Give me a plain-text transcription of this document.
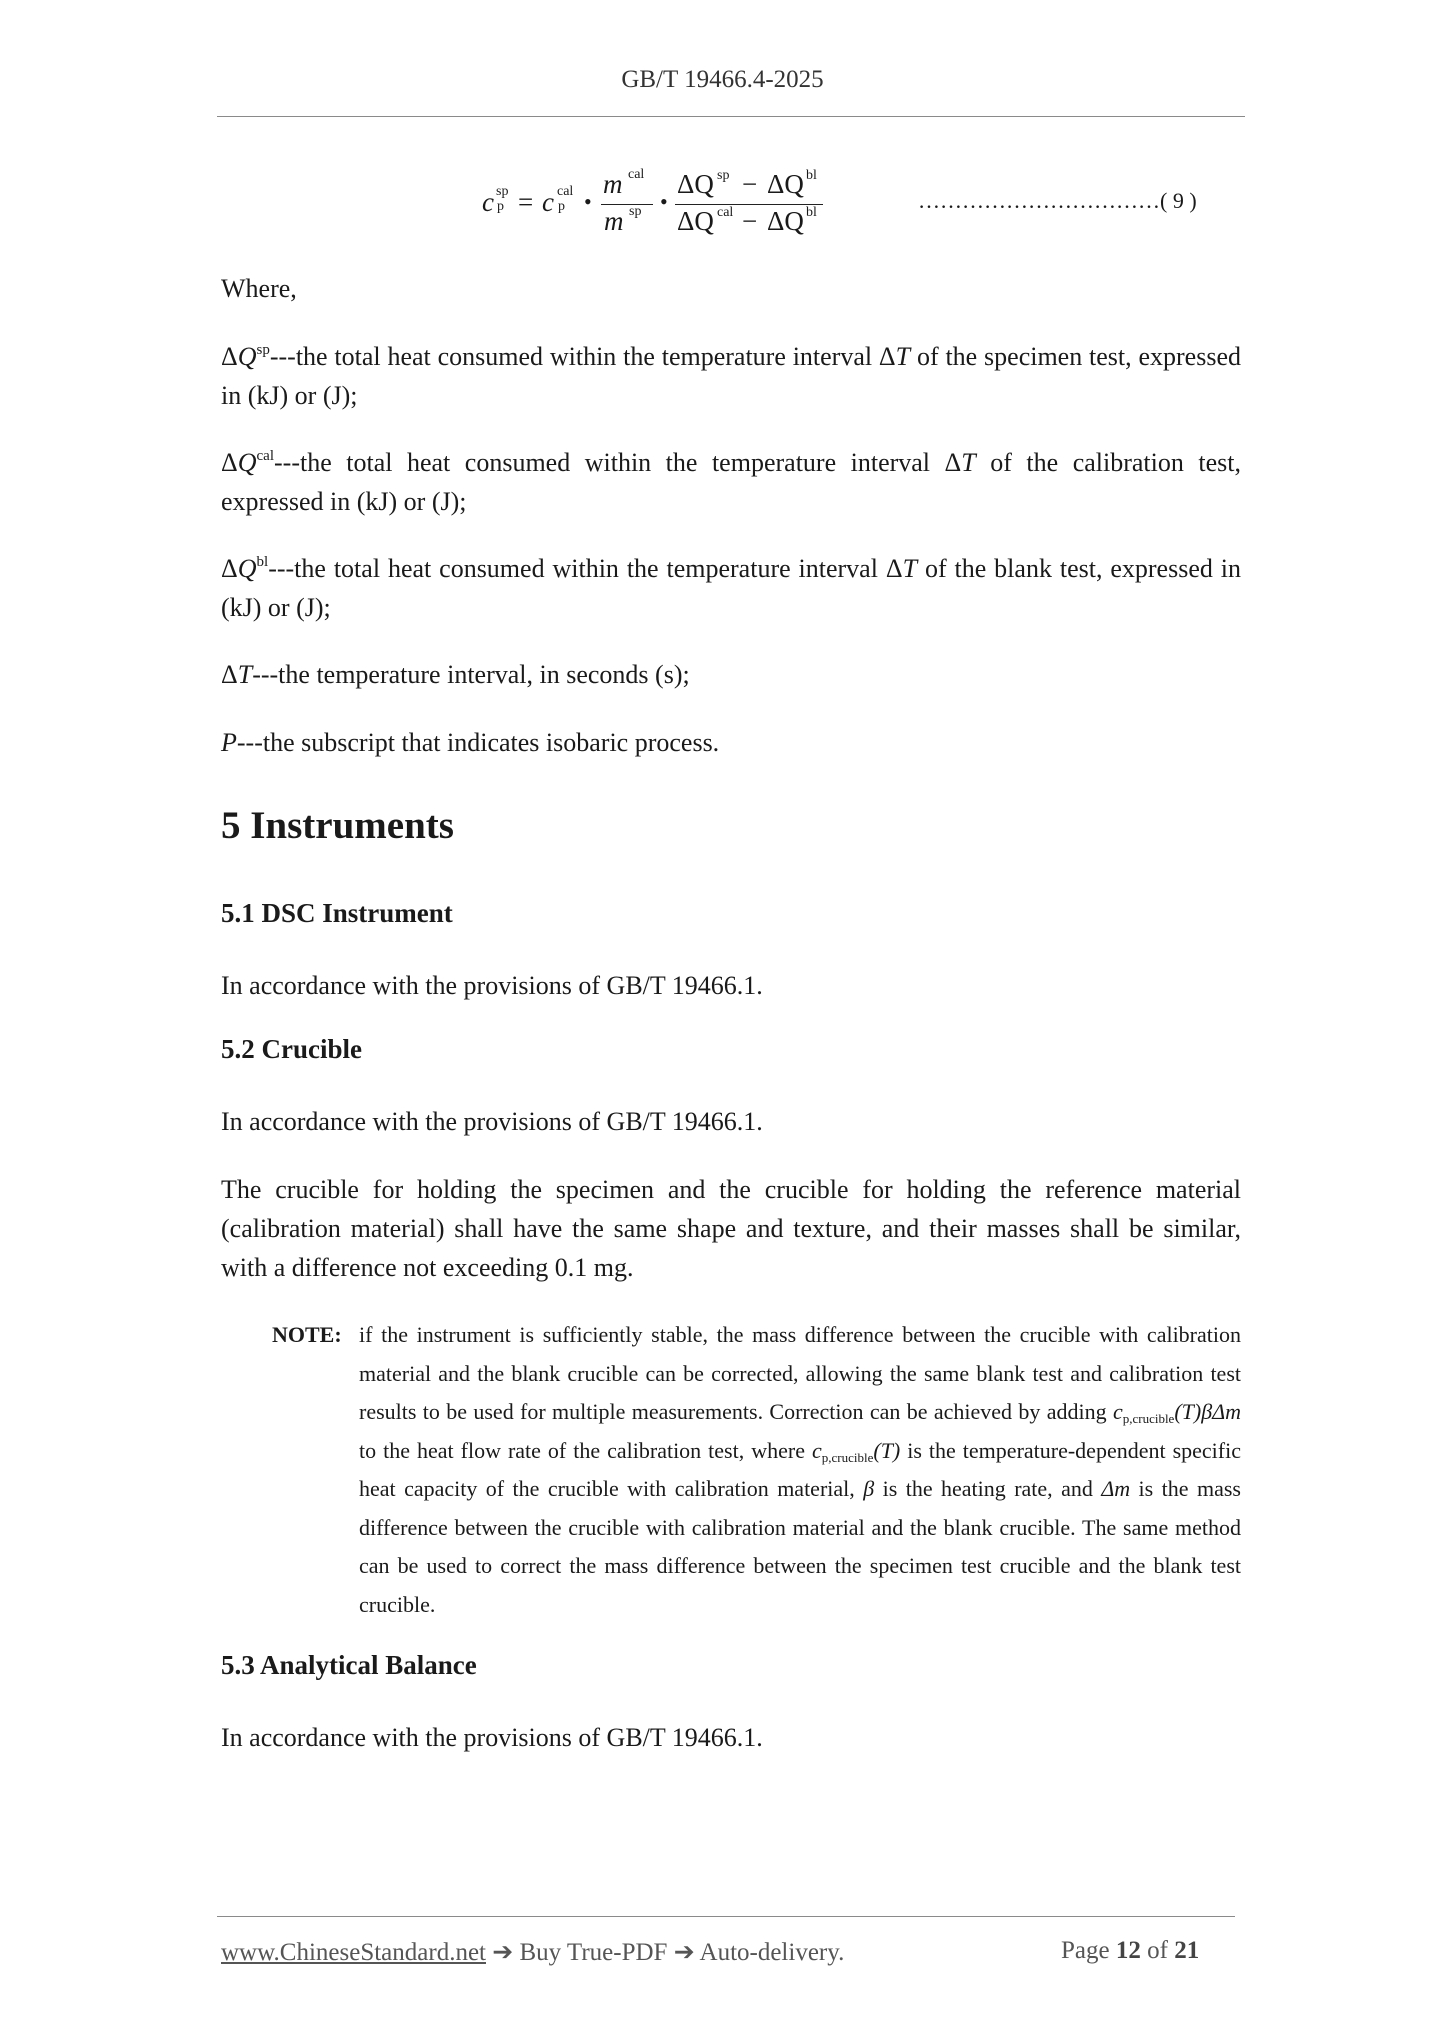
GB/T 19466.4-2025
c sp
p = c cal
p •
m cal
m sp •
ΔQ sp − ΔQ bl
ΔQ cal − ΔQ bl	……………………………( 9 )

Where,

$\Delta Q^{sp}--$-the total heat consumed within the temperature interval ΔT of the specimen test, expressed in (kJ) or (J);

$\Delta Q^{cal}--$-the total heat consumed within the temperature interval ΔT of the calibration test, expressed in (kJ) or (J);

$\Delta Q^{bl}--$-the total heat consumed within the temperature interval ΔT of the blank test, expressed in (kJ) or (J);

ΔT---the temperature interval, in seconds (s);

P---the subscript that indicates isobaric process.

5 Instruments
5.1 DSC Instrument

In accordance with the provisions of GB/T 19466.1.

5.2 Crucible

In accordance with the provisions of GB/T 19466.1.

The crucible for holding the specimen and the crucible for holding the reference material (calibration material) shall have the same shape and texture, and their masses shall be similar, with a difference not exceeding 0.1 mg.

NOTE: if the instrument is sufficiently stable, the mass difference between the crucible with calibration material and the blank crucible can be corrected, allowing the same blank test and calibration test results to be used for multiple measurements. Correction can be achieved by adding $c_{p,crucible}(T)\beta\Delta m$ to the heat flow rate of the calibration test, where $c_{p,crucible}(T)$ is the temperature-dependent specific heat capacity of the crucible with calibration material, β is the heating rate, and Δm is the mass difference between the crucible with calibration material and the blank crucible. The same method can be used to correct the mass difference between the specimen test crucible and the blank test crucible.
5.3 Analytical Balance

In accordance with the provisions of GB/T 19466.1.

www.ChineseStandard.net ➔ Buy True-PDF ➔ Auto-delivery.	Page 12 of 21
